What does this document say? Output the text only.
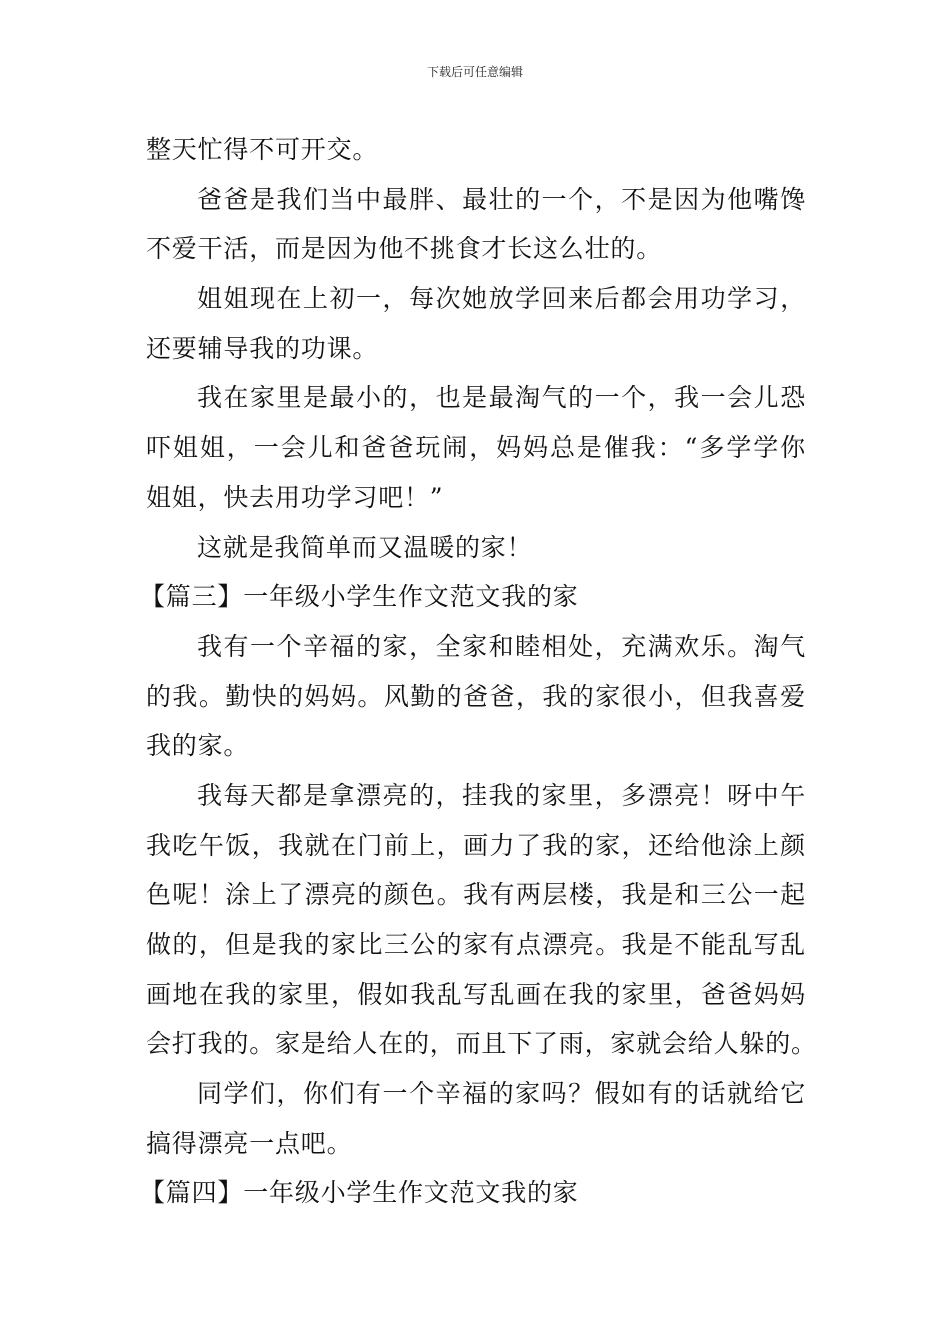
下载后可任意编辑
整天忙得不可开交。
爸爸是我们当中最胖、最壮的一个，不是因为他嘴馋
不爱干活，而是因为他不挑食才长这么壮的。
姐姐现在上初一，每次她放学回来后都会用功学习，
还要辅导我的功课。
我在家里是最小的，也是最淘气的一个，我一会儿恐
吓姐姐，一会儿和爸爸玩闹，妈妈总是催我：“多学学你
姐姐，快去用功学习吧！”
这就是我简单而又温暖的家！
【篇三】一年级小学生作文范文我的家
我有一个辛福的家，全家和睦相处，充满欢乐。淘气
的我。勤快的妈妈。风勤的爸爸，我的家很小，但我喜爱
我的家。
我每天都是拿漂亮的，挂我的家里，多漂亮！呀中午
我吃午饭，我就在门前上，画力了我的家，还给他涂上颜
色呢！涂上了漂亮的颜色。我有两层楼，我是和三公一起
做的，但是我的家比三公的家有点漂亮。我是不能乱写乱
画地在我的家里，假如我乱写乱画在我的家里，爸爸妈妈
会打我的。家是给人在的，而且下了雨，家就会给人躲的。
同学们，你们有一个辛福的家吗？假如有的话就给它
搞得漂亮一点吧。
【篇四】一年级小学生作文范文我的家
